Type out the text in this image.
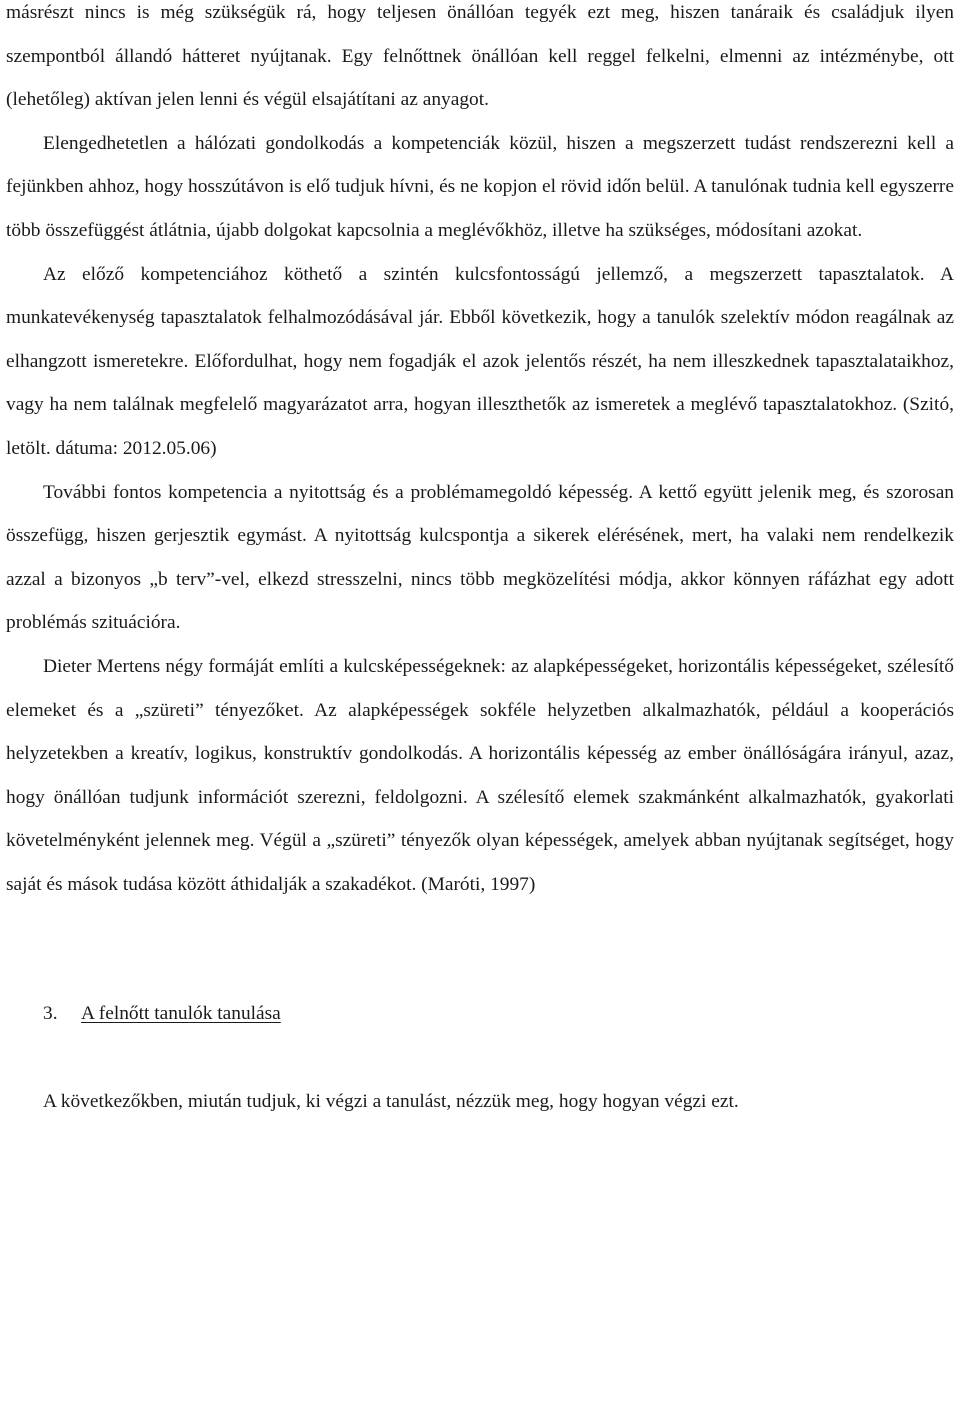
másrészt nincs is még szükségük rá, hogy teljesen önállóan tegyék ezt meg, hiszen tanáraik és családjuk ilyen szempontból állandó hátteret nyújtanak. Egy felnőttnek önállóan kell reggel felkelni, elmenni az intézménybe, ott (lehetőleg) aktívan jelen lenni és végül elsajátítani az anyagot.

Elengedhetetlen a hálózati gondolkodás a kompetenciák közül, hiszen a megszerzett tudást rendszerezni kell a fejünkben ahhoz, hogy hosszútávon is elő tudjuk hívni, és ne kopjon el rövid időn belül. A tanulónak tudnia kell egyszerre több összefüggést átlátnia, újabb dolgokat kapcsolnia a meglévőkhöz, illetve ha szükséges, módosítani azokat.

Az előző kompetenciához köthető a szintén kulcsfontosságú jellemző, a megszerzett tapasztalatok. A munkatevékenység tapasztalatok felhalmozódásával jár. Ebből következik, hogy a tanulók szelektív módon reagálnak az elhangzott ismeretekre. Előfordulhat, hogy nem fogadják el azok jelentős részét, ha nem illeszkednek tapasztalataikhoz, vagy ha nem találnak megfelelő magyarázatot arra, hogyan illeszthetők az ismeretek a meglévő tapasztalatokhoz. (Szitó, letölt. dátuma: 2012.05.06)

További fontos kompetencia a nyitottság és a problémamegoldó képesség. A kettő együtt jelenik meg, és szorosan összefügg, hiszen gerjesztik egymást. A nyitottság kulcspontja a sikerek elérésének, mert, ha valaki nem rendelkezik azzal a bizonyos „b terv”-vel, elkezd stresszelni, nincs több megközelítési módja, akkor könnyen ráfázhat egy adott problémás szituációra.

Dieter Mertens négy formáját említi a kulcsképességeknek: az alapképességeket, horizontális képességeket, szélesítő elemeket és a „szüreti” tényezőket. Az alapképességek sokféle helyzetben alkalmazhatók, például a kooperációs helyzetekben a kreatív, logikus, konstruktív gondolkodás. A horizontális képesség az ember önállóságára irányul, azaz, hogy önállóan tudjunk információt szerezni, feldolgozni. A szélesítő elemek szakmánként alkalmazhatók, gyakorlati követelményként jelennek meg. Végül a „szüreti” tényezők olyan képességek, amelyek abban nyújtanak segítséget, hogy saját és mások tudása között áthidalják a szakadékot. (Maróti, 1997)

3. A felnőtt tanulók tanulása

A következőkben, miután tudjuk, ki végzi a tanulást, nézzük meg, hogy hogyan végzi ezt.
